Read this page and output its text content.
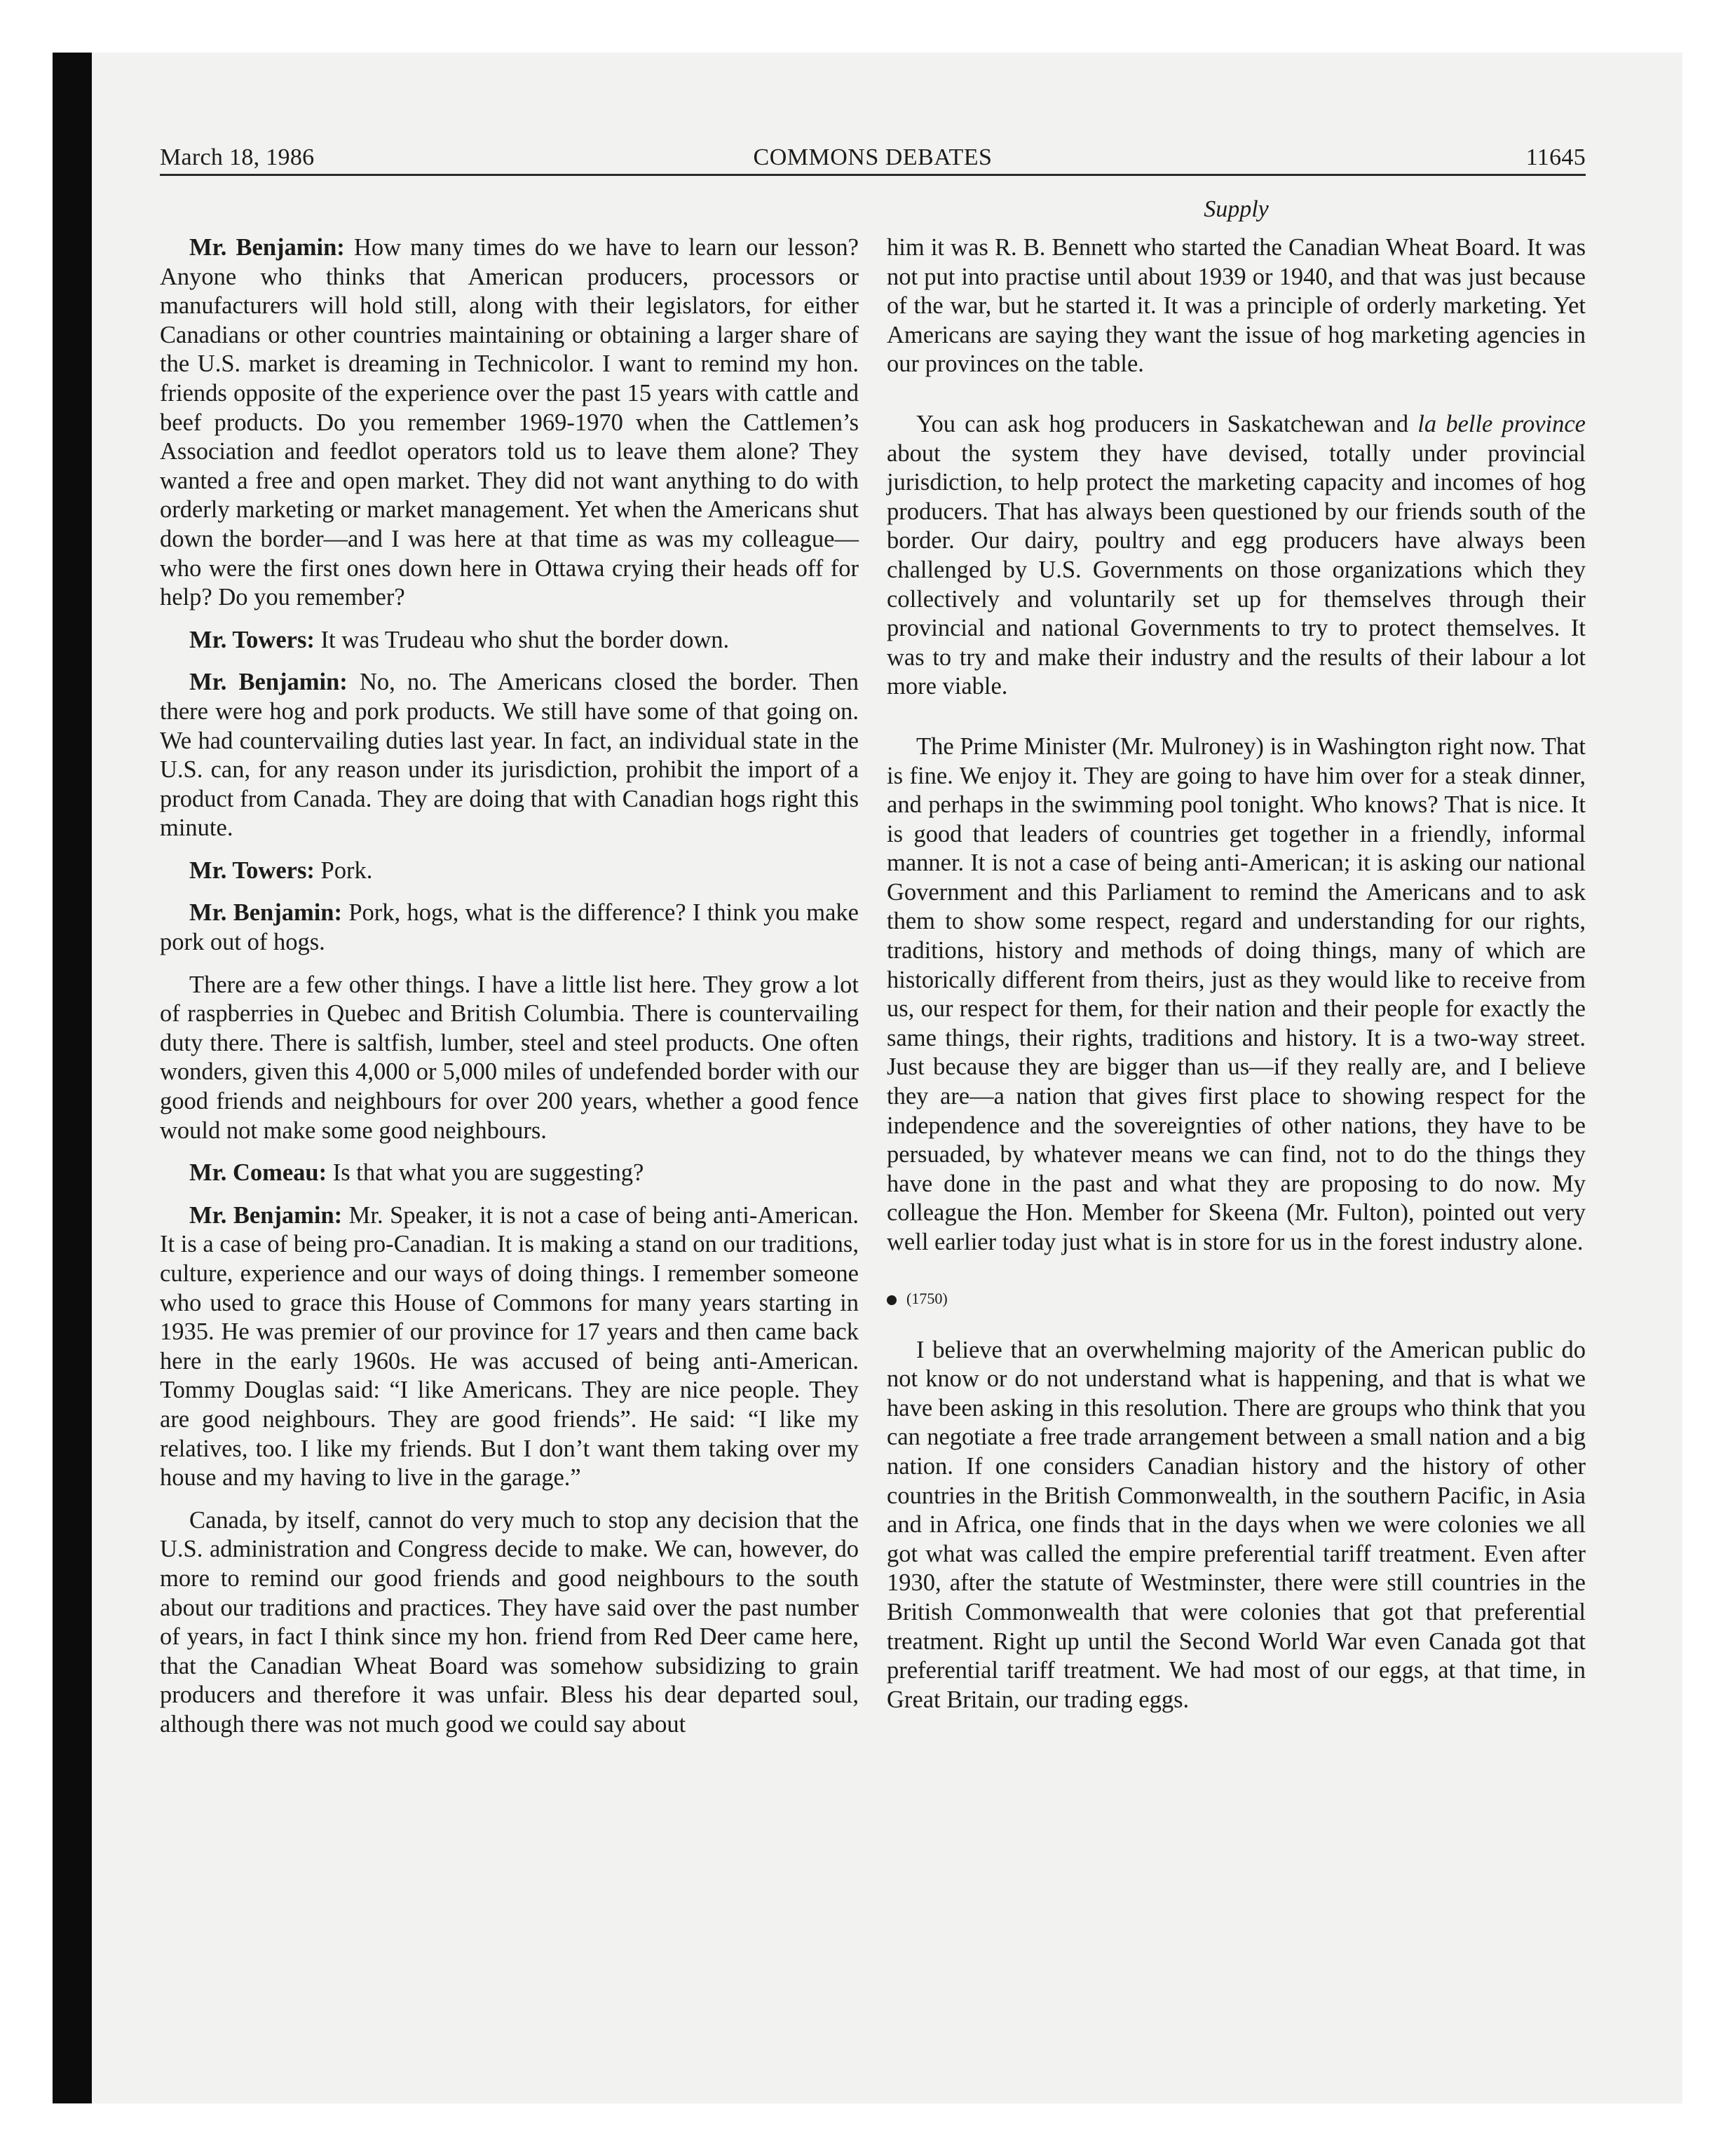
March 18, 1986	COMMONS DEBATES	11645
Supply

Mr. Benjamin: How many times do we have to learn our lesson? Anyone who thinks that American producers, processors or manufacturers will hold still, along with their legislators, for either Canadians or other countries maintaining or obtaining a larger share of the U.S. market is dreaming in Technicolor. I want to remind my hon. friends opposite of the experience over the past 15 years with cattle and beef products. Do you remember 1969-1970 when the Cattlemen’s Association and feedlot operators told us to leave them alone? They wanted a free and open market. They did not want anything to do with orderly marketing or market management. Yet when the Americans shut down the border—and I was here at that time as was my colleague—who were the first ones down here in Ottawa crying their heads off for help? Do you remember?

Mr. Towers: It was Trudeau who shut the border down.

Mr. Benjamin: No, no. The Americans closed the border. Then there were hog and pork products. We still have some of that going on. We had countervailing duties last year. In fact, an individual state in the U.S. can, for any reason under its jurisdiction, prohibit the import of a product from Canada. They are doing that with Canadian hogs right this minute.

Mr. Towers: Pork.

Mr. Benjamin: Pork, hogs, what is the difference? I think you make pork out of hogs.

There are a few other things. I have a little list here. They grow a lot of raspberries in Quebec and British Columbia. There is countervailing duty there. There is saltfish, lumber, steel and steel products. One often wonders, given this 4,000 or 5,000 miles of undefended border with our good friends and neighbours for over 200 years, whether a good fence would not make some good neighbours.

Mr. Comeau: Is that what you are suggesting?

Mr. Benjamin: Mr. Speaker, it is not a case of being anti-American. It is a case of being pro-Canadian. It is making a stand on our traditions, culture, experience and our ways of doing things. I remember someone who used to grace this House of Commons for many years starting in 1935. He was premier of our province for 17 years and then came back here in the early 1960s. He was accused of being anti-American. Tommy Douglas said: “I like Americans. They are nice people. They are good neighbours. They are good friends”. He said: “I like my relatives, too. I like my friends. But I don’t want them taking over my house and my having to live in the garage.”

Canada, by itself, cannot do very much to stop any decision that the U.S. administration and Congress decide to make. We can, however, do more to remind our good friends and good neighbours to the south about our traditions and practices. They have said over the past number of years, in fact I think since my hon. friend from Red Deer came here, that the Canadian Wheat Board was somehow subsidizing to grain producers and therefore it was unfair. Bless his dear departed soul, although there was not much good we could say about

him it was R. B. Bennett who started the Canadian Wheat Board. It was not put into practise until about 1939 or 1940, and that was just because of the war, but he started it. It was a principle of orderly marketing. Yet Americans are saying they want the issue of hog marketing agencies in our provinces on the table.

You can ask hog producers in Saskatchewan and la belle province about the system they have devised, totally under provincial jurisdiction, to help protect the marketing capacity and incomes of hog producers. That has always been questioned by our friends south of the border. Our dairy, poultry and egg producers have always been challenged by U.S. Governments on those organizations which they collectively and voluntarily set up for themselves through their provincial and national Governments to try to protect themselves. It was to try and make their industry and the results of their labour a lot more viable.

The Prime Minister (Mr. Mulroney) is in Washington right now. That is fine. We enjoy it. They are going to have him over for a steak dinner, and perhaps in the swimming pool tonight. Who knows? That is nice. It is good that leaders of countries get together in a friendly, informal manner. It is not a case of being anti-American; it is asking our national Government and this Parliament to remind the Americans and to ask them to show some respect, regard and understanding for our rights, traditions, history and methods of doing things, many of which are historically different from theirs, just as they would like to receive from us, our respect for them, for their nation and their people for exactly the same things, their rights, traditions and history. It is a two-way street. Just because they are bigger than us—if they really are, and I believe they are—a nation that gives first place to showing respect for the independence and the sovereignties of other nations, they have to be persuaded, by whatever means we can find, not to do the things they have done in the past and what they are proposing to do now. My colleague the Hon. Member for Skeena (Mr. Fulton), pointed out very well earlier today just what is in store for us in the forest industry alone.

(1750)

I believe that an overwhelming majority of the American public do not know or do not understand what is happening, and that is what we have been asking in this resolution. There are groups who think that you can negotiate a free trade arrangement between a small nation and a big nation. If one considers Canadian history and the history of other countries in the British Commonwealth, in the southern Pacific, in Asia and in Africa, one finds that in the days when we were colonies we all got what was called the empire preferential tariff treatment. Even after 1930, after the statute of Westminster, there were still countries in the British Commonwealth that were colonies that got that preferential treatment. Right up until the Second World War even Canada got that preferential tariff treatment. We had most of our eggs, at that time, in Great Britain, our trading eggs.
